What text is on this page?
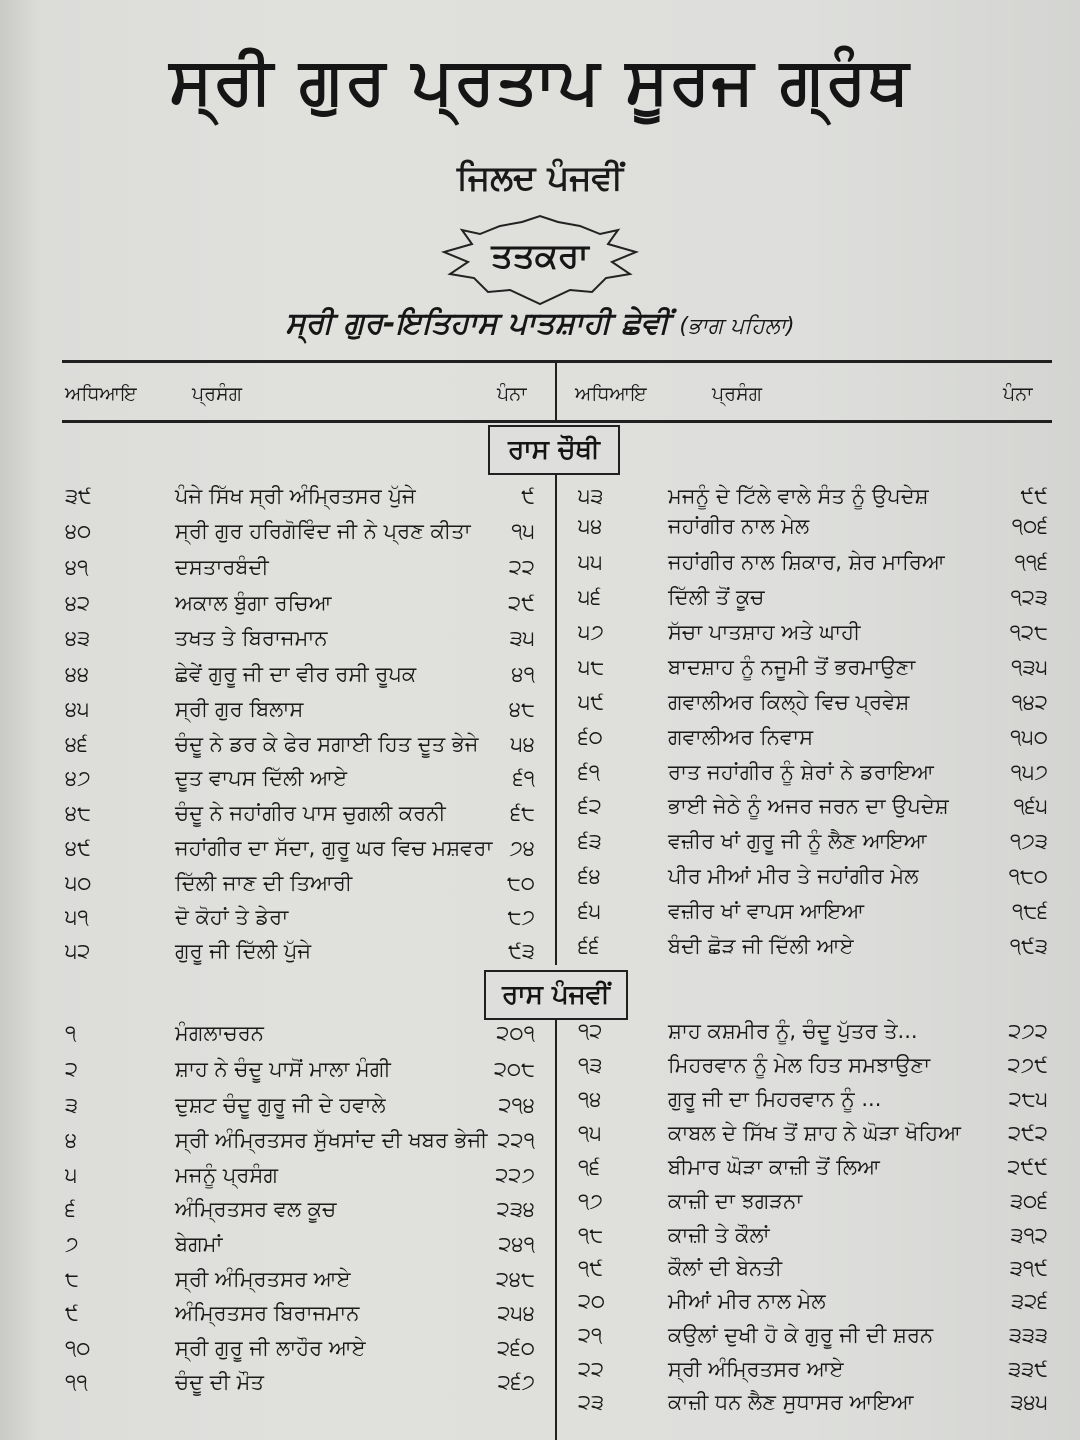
ਸ੍ਰੀ ਗੁਰ ਪ੍ਰਤਾਪ ਸੂਰਜ ਗ੍ਰੰਥ
ਜਿਲਦ ਪੰਜਵੀਂ
ਤਤਕਰਾ
ਸ੍ਰੀ ਗੁਰ-ਇਤਿਹਾਸ ਪਾਤਸ਼ਾਹੀ ਛੇਵੀਂ (ਭਾਗ ਪਹਿਲਾ)
ਅਧਿਆਇ	ਪ੍ਰਸੰਗ	ਪੰਨਾ	ਅਧਿਆਇ	ਪ੍ਰਸੰਗ	ਪੰਨਾ
ਰਾਸ ਚੌਥੀ
ਰਾਸ ਪੰਜਵੀਂ
੩੯	ਪੰਜੇ ਸਿੱਖ ਸ੍ਰੀ ਅੰਮ੍ਰਿਤਸਰ ਪੁੱਜੇ	੯
੪੦	ਸ੍ਰੀ ਗੁਰ ਹਰਿਗੋਵਿੰਦ ਜੀ ਨੇ ਪ੍ਰਣ ਕੀਤਾ	੧੫
੪੧	ਦਸਤਾਰਬੰਦੀ	੨੨
੪੨	ਅਕਾਲ ਬੁੰਗਾ ਰਚਿਆ	੨੯
੪੩	ਤਖਤ ਤੇ ਬਿਰਾਜਮਾਨ	੩੫
੪੪	ਛੇਵੇਂ ਗੁਰੂ ਜੀ ਦਾ ਵੀਰ ਰਸੀ ਰੂਪਕ	੪੧
੪੫	ਸ੍ਰੀ ਗੁਰ ਬਿਲਾਸ	੪੮
੪੬	ਚੰਦੂ ਨੇ ਡਰ ਕੇ ਫੇਰ ਸਗਾਈ ਹਿਤ ਦੂਤ ਭੇਜੇ	੫੪
੪੭	ਦੂਤ ਵਾਪਸ ਦਿੱਲੀ ਆਏ	੬੧
੪੮	ਚੰਦੂ ਨੇ ਜਹਾਂਗੀਰ ਪਾਸ ਚੁਗਲੀ ਕਰਨੀ	੬੮
੪੯	ਜਹਾਂਗੀਰ ਦਾ ਸੱਦਾ, ਗੁਰੂ ਘਰ ਵਿਚ ਮਸ਼ਵਰਾ ੭੪
੫੦	ਦਿੱਲੀ ਜਾਣ ਦੀ ਤਿਆਰੀ	੮੦
੫੧	ਦੋ ਕੋਹਾਂ ਤੇ ਡੇਰਾ	੮੭
੫੨	ਗੁਰੂ ਜੀ ਦਿੱਲੀ ਪੁੱਜੇ	੯੩
੫੩	ਮਜਨੂੰ ਦੇ ਟਿੱਲੇ ਵਾਲੇ ਸੰਤ ਨੂੰ ਉਪਦੇਸ਼	੯੯
੫੪	ਜਹਾਂਗੀਰ ਨਾਲ ਮੇਲ	੧੦੬
੫੫	ਜਹਾਂਗੀਰ ਨਾਲ ਸ਼ਿਕਾਰ, ਸ਼ੇਰ ਮਾਰਿਆ	੧੧੬
੫੬	ਦਿੱਲੀ ਤੋਂ ਕੂਚ	੧੨੩
੫੭	ਸੱਚਾ ਪਾਤਸ਼ਾਹ ਅਤੇ ਘਾਹੀ	੧੨੮
੫੮	ਬਾਦਸ਼ਾਹ ਨੂੰ ਨਜੂਮੀ ਤੋਂ ਭਰਮਾਉਣਾ	੧੩੫
੫੯	ਗਵਾਲੀਅਰ ਕਿਲ੍ਹੇ ਵਿਚ ਪ੍ਰਵੇਸ਼	੧੪੨
੬੦	ਗਵਾਲੀਅਰ ਨਿਵਾਸ	੧੫੦
੬੧	ਰਾਤ ਜਹਾਂਗੀਰ ਨੂੰ ਸ਼ੇਰਾਂ ਨੇ ਡਰਾਇਆ	੧੫੭
੬੨	ਭਾਈ ਜੇਠੇ ਨੂੰ ਅਜਰ ਜਰਨ ਦਾ ਉਪਦੇਸ਼	੧੬੫
੬੩	ਵਜ਼ੀਰ ਖਾਂ ਗੁਰੂ ਜੀ ਨੂੰ ਲੈਣ ਆਇਆ	੧੭੩
੬੪	ਪੀਰ ਮੀਆਂ ਮੀਰ ਤੇ ਜਹਾਂਗੀਰ ਮੇਲ	੧੮੦
੬੫	ਵਜ਼ੀਰ ਖਾਂ ਵਾਪਸ ਆਇਆ	੧੮੬
੬੬	ਬੰਦੀ ਛੋੜ ਜੀ ਦਿੱਲੀ ਆਏ	੧੯੩
੧	ਮੰਗਲਾਚਰਨ	੨੦੧
੨	ਸ਼ਾਹ ਨੇ ਚੰਦੂ ਪਾਸੋਂ ਮਾਲਾ ਮੰਗੀ	੨੦੮
੩	ਦੁਸ਼ਟ ਚੰਦੂ ਗੁਰੂ ਜੀ ਦੇ ਹਵਾਲੇ	੨੧੪
੪	ਸ੍ਰੀ ਅੰਮ੍ਰਿਤਸਰ ਸੁੱਖਸਾਂਦ ਦੀ ਖਬਰ ਭੇਜੀ ੨੨੧
੫	ਮਜਨੂੰ ਪ੍ਰਸੰਗ	੨੨੭
੬	ਅੰਮ੍ਰਿਤਸਰ ਵਲ ਕੂਚ	੨੩੪
੭	ਬੇਗਮਾਂ	੨੪੧
੮	ਸ੍ਰੀ ਅੰਮ੍ਰਿਤਸਰ ਆਏ	੨੪੮
੯	ਅੰਮ੍ਰਿਤਸਰ ਬਿਰਾਜਮਾਨ	੨੫੪
੧੦	ਸ੍ਰੀ ਗੁਰੂ ਜੀ ਲਾਹੌਰ ਆਏ	੨੬੦
੧੧	ਚੰਦੂ ਦੀ ਮੌਤ	੨੬੭
੧੨	ਸ਼ਾਹ ਕਸ਼ਮੀਰ ਨੂੰ, ਚੰਦੂ ਪੁੱਤਰ ਤੇ...	੨੭੨
੧੩	ਮਿਹਰਵਾਨ ਨੂੰ ਮੇਲ ਹਿਤ ਸਮਝਾਉਣਾ	੨੭੯
੧੪	ਗੁਰੂ ਜੀ ਦਾ ਮਿਹਰਵਾਨ ਨੂੰ ...	੨੮੫
੧੫	ਕਾਬਲ ਦੇ ਸਿੱਖ ਤੋਂ ਸ਼ਾਹ ਨੇ ਘੋੜਾ ਖੋਹਿਆ	੨੯੨
੧੬	ਬੀਮਾਰ ਘੋੜਾ ਕਾਜ਼ੀ ਤੋਂ ਲਿਆ	੨੯੯
੧੭	ਕਾਜ਼ੀ ਦਾ ਝਗੜਨਾ	੩੦੬
੧੮	ਕਾਜ਼ੀ ਤੇ ਕੌਲਾਂ	੩੧੨
੧੯	ਕੌਲਾਂ ਦੀ ਬੇਨਤੀ	੩੧੯
੨੦	ਮੀਆਂ ਮੀਰ ਨਾਲ ਮੇਲ	੩੨੬
੨੧	ਕਉਲਾਂ ਦੁਖੀ ਹੋ ਕੇ ਗੁਰੂ ਜੀ ਦੀ ਸ਼ਰਨ	੩੩੩
੨੨	ਸ੍ਰੀ ਅੰਮ੍ਰਿਤਸਰ ਆਏ	੩੩੯
੨੩	ਕਾਜ਼ੀ ਧਨ ਲੈਣ ਸੁਧਾਸਰ ਆਇਆ	੩੪੫
